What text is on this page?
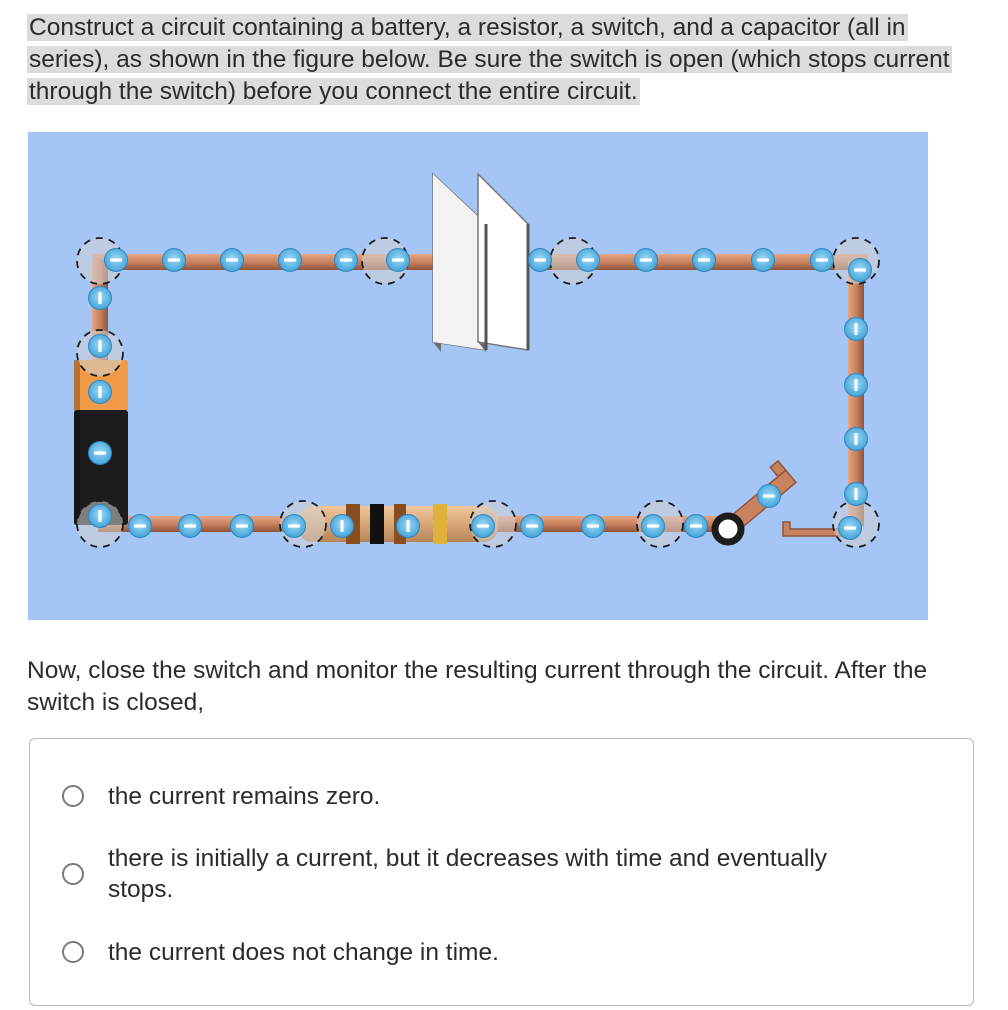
Construct a circuit containing a battery, a resistor, a switch, and a capacitor (all in series), as shown in the figure below. Be sure the switch is open (which stops current through the switch) before you connect the entire circuit.

Now, close the switch and monitor the resulting current through the circuit. After the switch is closed,

the current remains zero.
there is initially a current, but it decreases with time and eventually stops.
the current does not change in time.
